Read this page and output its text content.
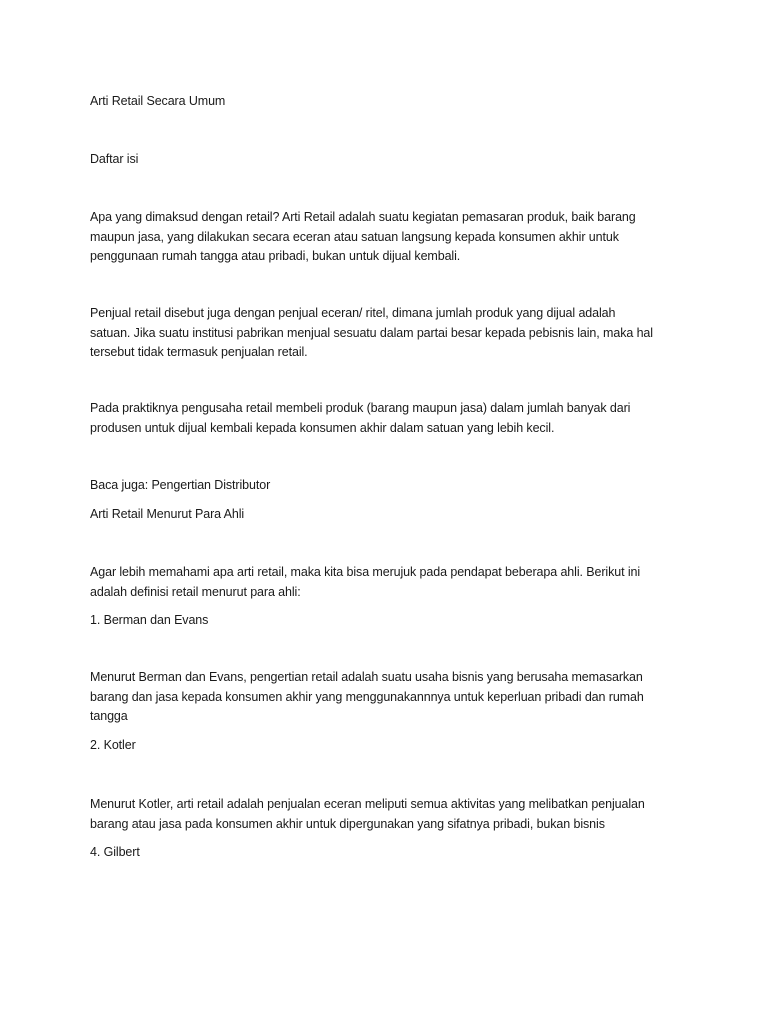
Arti Retail Secara Umum

Daftar isi

Apa yang dimaksud dengan retail? Arti Retail adalah suatu kegiatan pemasaran produk, baik barang
maupun jasa, yang dilakukan secara eceran atau satuan langsung kepada konsumen akhir untuk
penggunaan rumah tangga atau pribadi, bukan untuk dijual kembali.
Penjual retail disebut juga dengan penjual eceran/ ritel, dimana jumlah produk yang dijual adalah
satuan. Jika suatu institusi pabrikan menjual sesuatu dalam partai besar kepada pebisnis lain, maka hal
tersebut tidak termasuk penjualan retail.
Pada praktiknya pengusaha retail membeli produk (barang maupun jasa) dalam jumlah banyak dari
produsen untuk dijual kembali kepada konsumen akhir dalam satuan yang lebih kecil.

Baca juga: Pengertian Distributor

Arti Retail Menurut Para Ahli

Agar lebih memahami apa arti retail, maka kita bisa merujuk pada pendapat beberapa ahli. Berikut ini
adalah definisi retail menurut para ahli:

1. Berman dan Evans

Menurut Berman dan Evans, pengertian retail adalah suatu usaha bisnis yang berusaha memasarkan
barang dan jasa kepada konsumen akhir yang menggunakannnya untuk keperluan pribadi dan rumah
tangga

2. Kotler

Menurut Kotler, arti retail adalah penjualan eceran meliputi semua aktivitas yang melibatkan penjualan
barang atau jasa pada konsumen akhir untuk dipergunakan yang sifatnya pribadi, bukan bisnis

4. Gilbert
